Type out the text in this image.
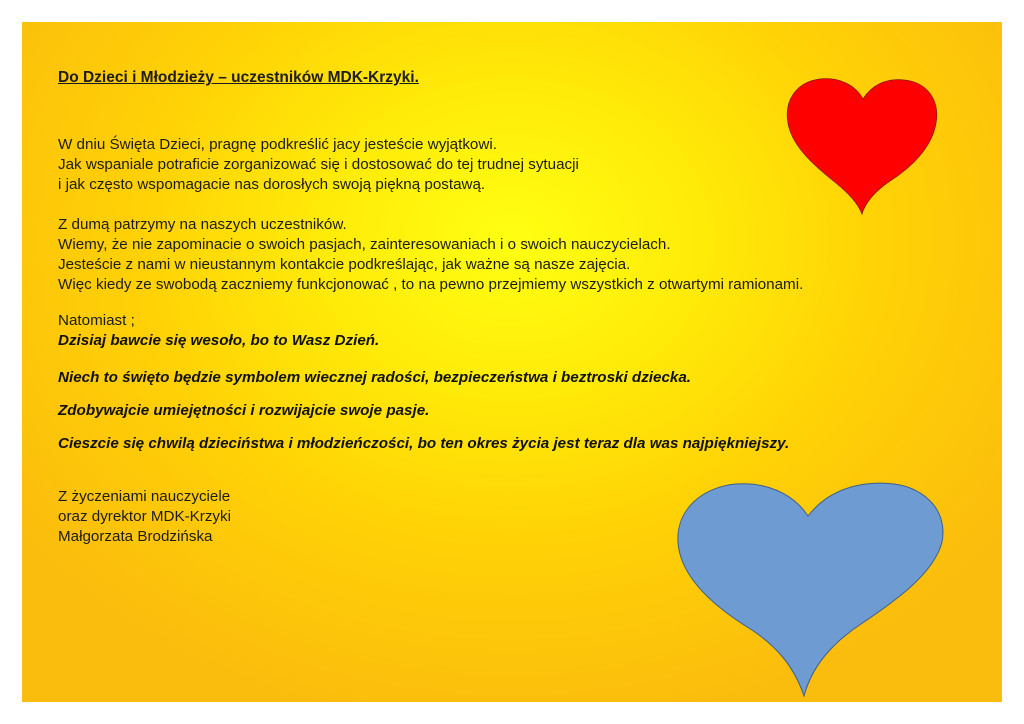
Do Dzieci i Młodzieży – uczestników MDK-Krzyki.

W dniu Święta Dzieci, pragnę podkreślić jacy jesteście wyjątkowi.
Jak wspaniale potraficie zorganizować się i dostosować do tej trudnej sytuacji
i jak często wspomagacie nas dorosłych swoją piękną postawą.
Z dumą patrzymy na naszych uczestników.
Wiemy, że nie zapominacie o swoich pasjach, zainteresowaniach i o swoich nauczycielach.
Jesteście z nami w nieustannym kontakcie podkreślając, jak ważne są nasze zajęcia.
Więc kiedy ze swobodą zaczniemy funkcjonować , to na pewno przejmiemy wszystkich z otwartymi ramionami.

Natomiast ;

Dzisiaj bawcie się wesoło, bo to Wasz Dzień.

Niech to święto będzie symbolem wiecznej radości, bezpieczeństwa i beztroski dziecka.

Zdobywajcie umiejętności i rozwijajcie swoje pasje.

Cieszcie się chwilą dzieciństwa i młodzieńczości, bo ten okres życia jest teraz dla was najpiękniejszy.

Z życzeniami nauczyciele
oraz dyrektor MDK-Krzyki
Małgorzata Brodzińska
